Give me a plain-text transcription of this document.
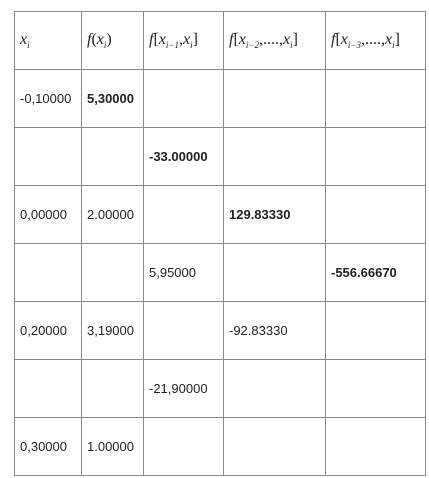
$x_i$	$f(x_i)$	$f[x_{i-1},x_i]$	$f[x_{i-2},....,x_i]$	$f[x_{i-3},....,x_i]$
-0,10000	5,30000			
		-33.00000		
0,00000	2.00000		129.83330	
		5,95000		-556.66670
0,20000	3,19000		-92.83330	
		-21,90000		
0,30000	1.00000			
